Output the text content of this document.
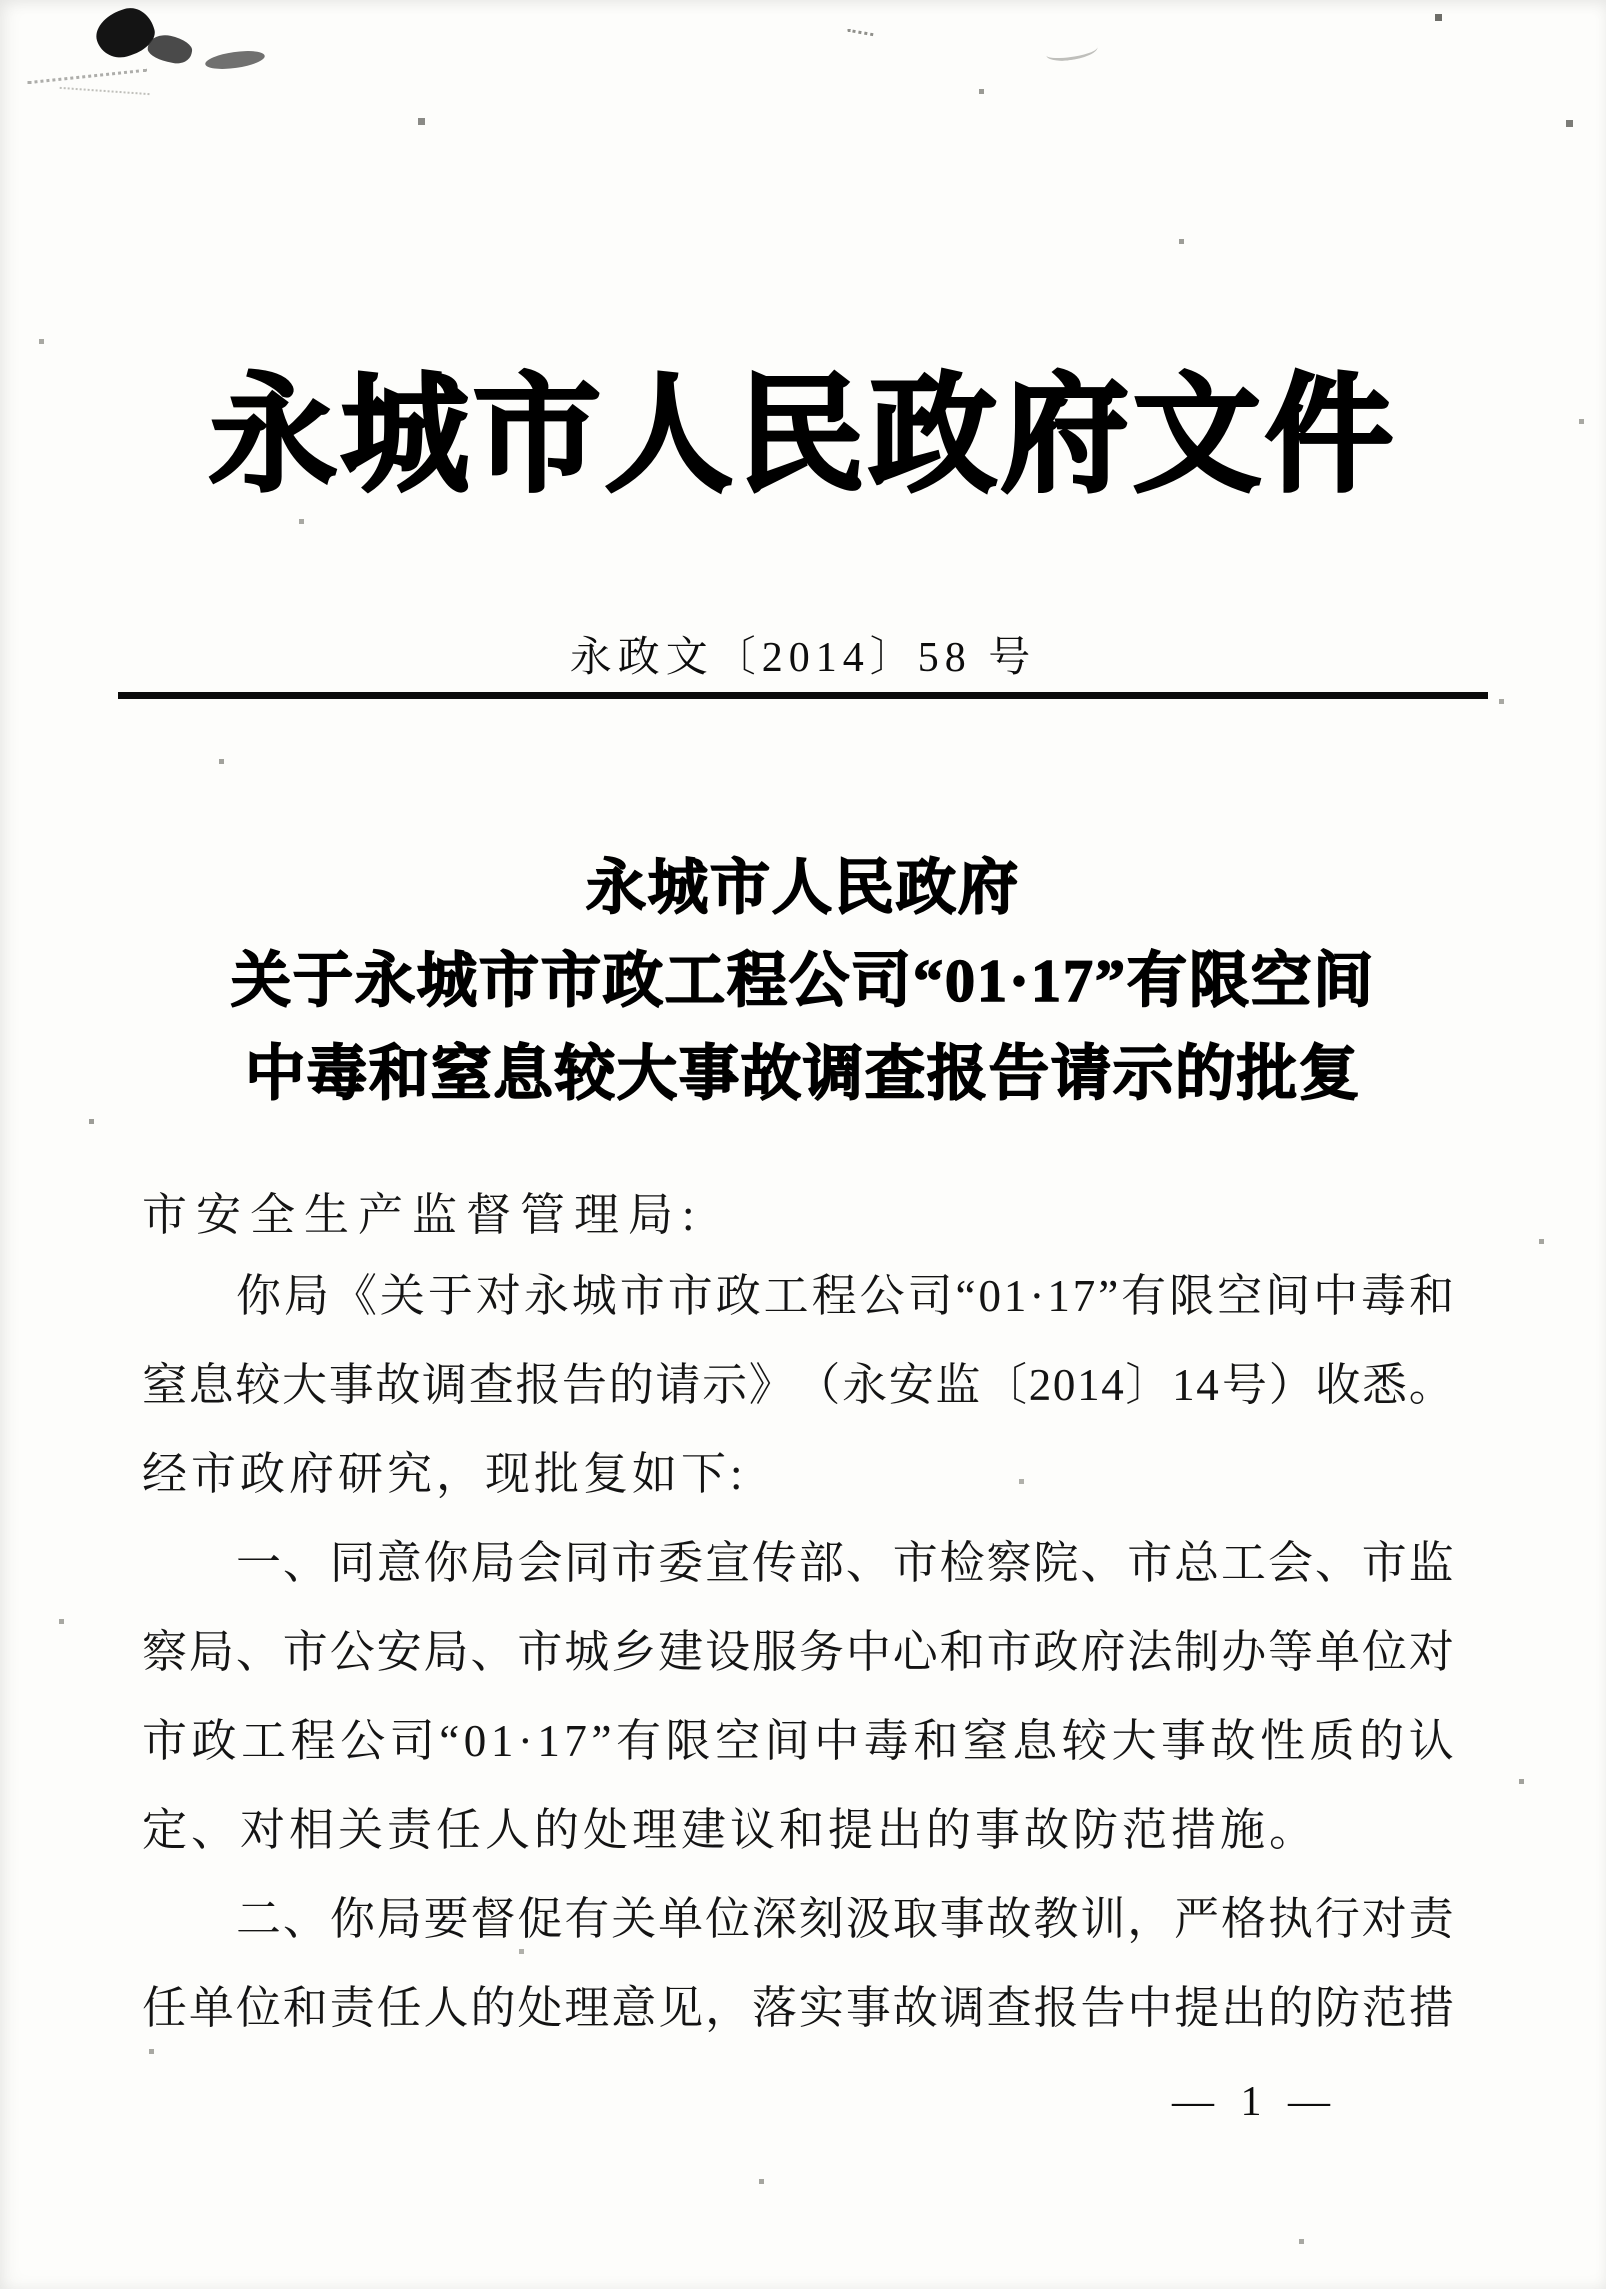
永城市人民政府文件
永政文〔2014〕58 号
永城市人民政府
关于永城市市政工程公司“01·17”有限空间
中毒和窒息较大事故调查报告请示的批复
市安全生产监督管理局:
你 局 《 关 于 对 永 城 市 市 政 工 程 公 司 “ 0 1 · 1 7 ” 有 限 空 间 中 毒 和
窒 息 较 大 事 故 调 查 报 告 的 请 示 》 （ 永 安 监 〔 2 0 1 4 〕 1 4 号 ） 收 悉 。
经市政府研究，现批复如下:
一 、 同 意 你 局 会 同 市 委 宣 传 部 、 市 检 察 院 、 市 总 工 会 、 市 监
察 局 、 市 公 安 局 、 市 城 乡 建 设 服 务 中 心 和 市 政 府 法 制 办 等 单 位 对
市 政 工 程 公 司 “ 0 1 · 1 7 ” 有 限 空 间 中 毒 和 窒 息 较 大 事 故 性 质 的 认
定、对相关责任人的处理建议和提出的事故防范措施。
二 、 你 局 要 督 促 有 关 单 位 深 刻 汲 取 事 故 教 训 ， 严 格 执 行 对 责
任 单 位 和 责 任 人 的 处 理 意 见 ， 落 实 事 故 调 查 报 告 中 提 出 的 防 范 措
— 1 —
